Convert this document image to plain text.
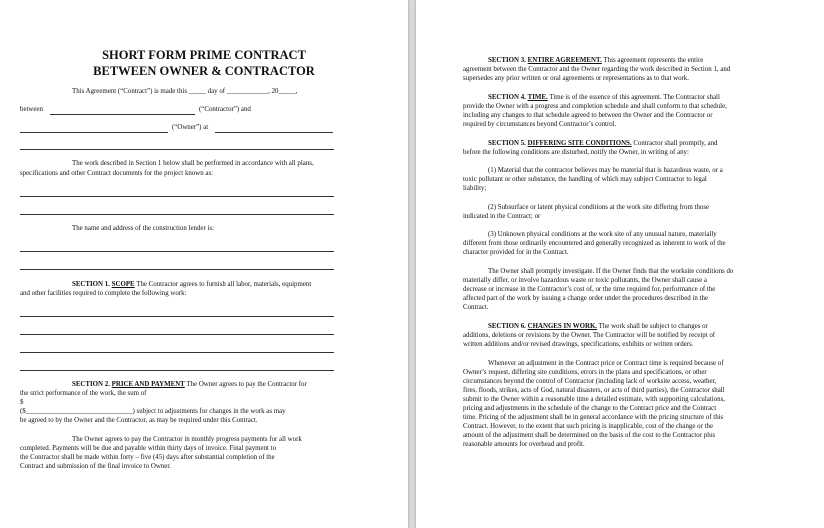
SHORT FORM PRIME CONTRACT
BETWEEN OWNER & CONTRACTOR
This Agreement (“Contract”) is made this _____ day of ____________, 20_____,
between	(“Contractor”) and
(“Owner”) at
The work described in Section 1 below shall be performed in accordance with all plans,
specifications and other Contract documents for the project known as:
The name and address of the construction lender is:
SECTION 1. SCOPE The Contractor agrees to furnish all labor, materials, equipment
and other facilities required to complete the following work:
SECTION 2. PRICE AND PAYMENT The Owner agrees to pay the Contractor for
the strict performance of the work, the sum of
$
($_______________________________) subject to adjustments for changes in the work as may
be agreed to by the Owner and the Contractor, as may be required under this Contract.
The Owner agrees to pay the Contractor in monthly progress payments for all work
completed. Payments will be due and payable within thirty days of invoice. Final payment to
the Contractor shall be made within forty – five (45) days after substantial completion of the
Contract and submission of the final invoice to Owner.
SECTION 3. ENTIRE AGREEMENT. This agreement represents the entire
agreement between the Contractor and the Owner regarding the work described in Section 1, and
supersedes any prior written or oral agreements or representations as to that work.
SECTION 4. TIME. Time is of the essence of this agreement. The Contractor shall
provide the Owner with a progress and completion schedule and shall conform to that schedule,
including any changes to that schedule agreed to between the Owner and the Contractor or
required by circumstances beyond Contractor’s control.
SECTION 5. DIFFERING SITE CONDITIONS. Contractor shall promptly, and
before the following conditions are disturbed, notify the Owner, in writing of any:
(1) Material that the contractor believes may be material that is hazardous waste, or a
toxic pollutant or other substance, the handling of which may subject Contractor to legal
liability;
(2) Subsurface or latent physical conditions at the work site differing from those
indicated in the Contract; or
(3) Unknown physical conditions at the work site of any unusual nature, materially
different from those ordinarily encountered and generally recognized as inherent to work of the
character provided for in the Contract.
The Owner shall promptly investigate. If the Owner finds that the worksite conditions do
materially differ, or involve hazardous waste or toxic pollutants, the Owner shall cause a
decrease or increase in the Contractor’s cost of, or the time required for, performance of the
affected part of the work by issuing a change order under the procedures described in the
Contract.
SECTION 6. CHANGES IN WORK. The work shall be subject to changes or
additions, deletions or revisions by the Owner. The Contractor will be notified by receipt of
written additions and/or revised drawings, specifications, exhibits or written orders.
Whenever an adjustment in the Contract price or Contract time is required because of
Owner’s request, differing site conditions, errors in the plans and specifications, or other
circumstances beyond the control of Contractor (including lack of worksite access, weather,
fires, floods, strikes, acts of God, natural disasters, or acts of third parties), the Contractor shall
submit to the Owner within a reasonable time a detailed estimate, with supporting calculations,
pricing and adjustments in the schedule of the change to the Contract price and the Contract
time. Pricing of the adjustment shall be in general accordance with the pricing structure of this
Contract. However, to the extent that such pricing is inapplicable, cost of the change or the
amount of the adjustment shall be determined on the basis of the cost to the Contractor plus
reasonable amounts for overhead and profit.
